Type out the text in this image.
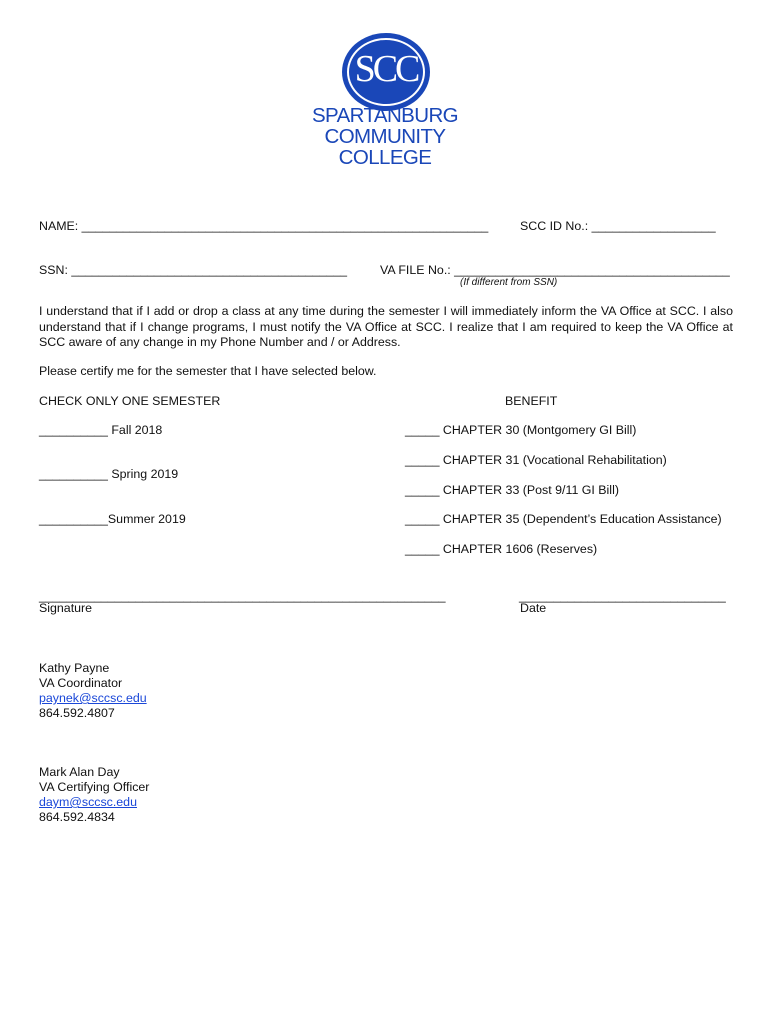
SCC
SPARTANBURG
COMMUNITY
COLLEGE
NAME: ___________________________________________________________	SCC ID No.: __________________
SSN: ________________________________________	VA FILE No.: ________________________________________
(If different from SSN)
I understand that if I add or drop a class at any time during the semester I will immediately inform the VA Office at SCC. I also understand that if I change programs, I must notify the VA Office at SCC. I realize that I am required to keep the VA Office at SCC aware of any change in my Phone Number and / or Address.
Please certify me for the semester that I have selected below.
CHECK ONLY ONE SEMESTER	BENEFIT
__________ Fall 2018
__________ Spring 2019
__________Summer 2019
_____ CHAPTER 30 (Montgomery GI Bill)
_____ CHAPTER 31 (Vocational Rehabilitation)
_____ CHAPTER 33 (Post 9/11 GI Bill)
_____ CHAPTER 35 (Dependent’s Education Assistance)
_____ CHAPTER 1606 (Reserves)
___________________________________________________________
Signature
______________________________
Date
Kathy Payne
VA Coordinator
paynek@sccsc.edu
864.592.4807
Mark Alan Day
VA Certifying Officer
daym@sccsc.edu
864.592.4834
